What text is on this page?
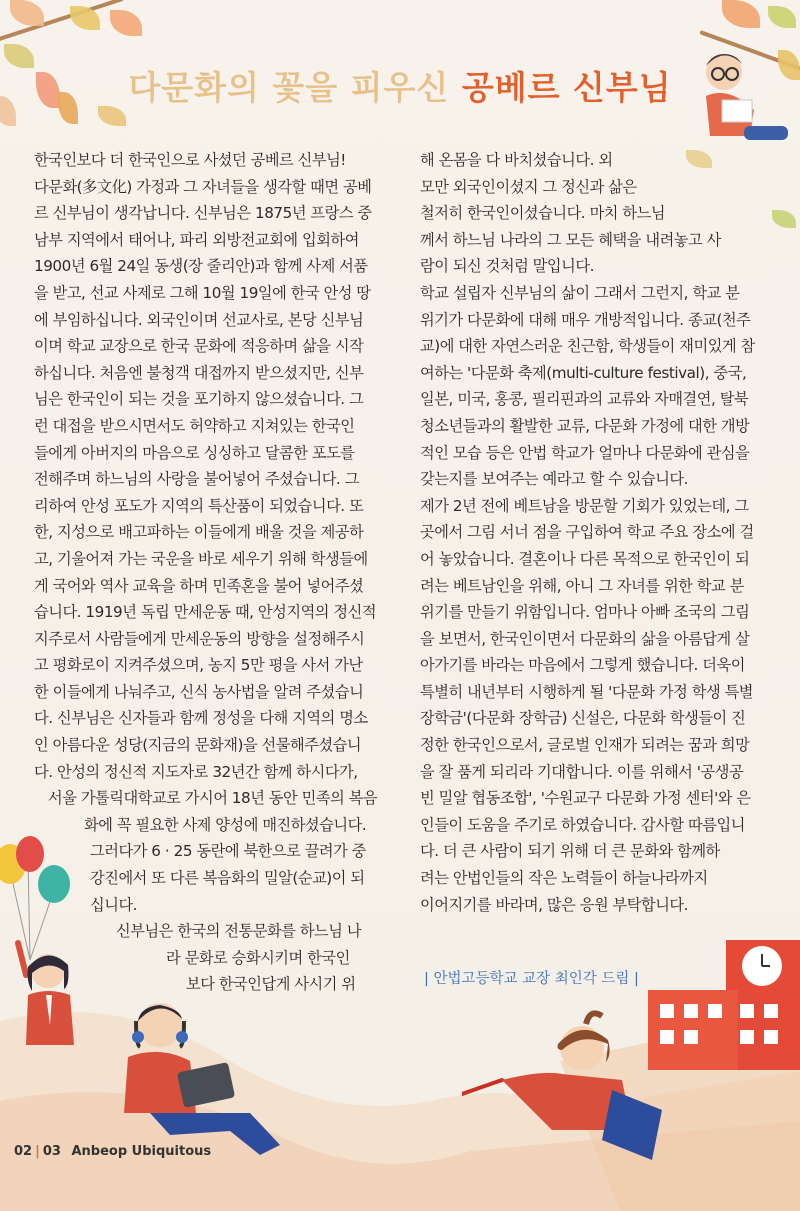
다문화의 꽃을 피우신 공베르 신부님

한국인보다 더 한국인으로 사셨던 공베르 신부님!

다문화(多文化) 가정과 그 자녀들을 생각할 때면 공베

르 신부님이 생각납니다. 신부님은 1875년 프랑스 중

남부 지역에서 태어나, 파리 외방전교회에 입회하여

1900년 6월 24일 동생(장 줄리안)과 함께 사제 서품

을 받고, 선교 사제로 그해 10월 19일에 한국 안성 땅

에 부임하십니다. 외국인이며 선교사로, 본당 신부님

이며 학교 교장으로 한국 문화에 적응하며 삶을 시작

하십니다. 처음엔 불청객 대접까지 받으셨지만, 신부

님은 한국인이 되는 것을 포기하지 않으셨습니다. 그

런 대접을 받으시면서도 허약하고 지쳐있는 한국인

들에게 아버지의 마음으로 싱싱하고 달콤한 포도를

전해주며 하느님의 사랑을 불어넣어 주셨습니다. 그

리하여 안성 포도가 지역의 특산품이 되었습니다. 또

한, 지성으로 배고파하는 이들에게 배울 것을 제공하

고, 기울어져 가는 국운을 바로 세우기 위해 학생들에

게 국어와 역사 교육을 하며 민족혼을 불어 넣어주셨

습니다. 1919년 독립 만세운동 때, 안성지역의 정신적

지주로서 사람들에게 만세운동의 방향을 설정해주시

고 평화로이 지켜주셨으며, 농지 5만 평을 사서 가난

한 이들에게 나눠주고, 신식 농사법을 알려 주셨습니

다. 신부님은 신자들과 함께 정성을 다해 지역의 명소

인 아름다운 성당(지금의 문화재)을 선물해주셨습니

다. 안성의 정신적 지도자로 32년간 함께 하시다가,

서울 가톨릭대학교로 가시어 18년 동안 민족의 복음

화에 꼭 필요한 사제 양성에 매진하셨습니다.

그러다가 6 · 25 동란에 북한으로 끌려가 중

강진에서 또 다른 복음화의 밀알(순교)이 되

십니다.

신부님은 한국의 전통문화를 하느님 나

라 문화로 승화시키며 한국인

보다 한국인답게 사시기 위

해 온몸을 다 바치셨습니다. 외

모만 외국인이셨지 그 정신과 삶은

철저히 한국인이셨습니다. 마치 하느님

께서 하느님 나라의 그 모든 혜택을 내려놓고 사

람이 되신 것처럼 말입니다.

학교 설립자 신부님의 삶이 그래서 그런지, 학교 분

위기가 다문화에 대해 매우 개방적입니다. 종교(천주

교)에 대한 자연스러운 친근함, 학생들이 재미있게 참

여하는 '다문화 축제(multi-culture festival), 중국,

일본, 미국, 홍콩, 필리핀과의 교류와 자매결연, 탈북

청소년들과의 활발한 교류, 다문화 가정에 대한 개방

적인 모습 등은 안법 학교가 얼마나 다문화에 관심을

갖는지를 보여주는 예라고 할 수 있습니다.

제가 2년 전에 베트남을 방문할 기회가 있었는데, 그

곳에서 그림 서너 점을 구입하여 학교 주요 장소에 걸

어 놓았습니다. 결혼이나 다른 목적으로 한국인이 되

려는 베트남인을 위해, 아니 그 자녀를 위한 학교 분

위기를 만들기 위함입니다. 엄마나 아빠 조국의 그림

을 보면서, 한국인이면서 다문화의 삶을 아름답게 살

아가기를 바라는 마음에서 그렇게 했습니다. 더욱이

특별히 내년부터 시행하게 될 '다문화 가정 학생 특별

장학금'(다문화 장학금) 신설은, 다문화 학생들이 진

정한 한국인으로서, 글로벌 인재가 되려는 꿈과 희망

을 잘 품게 되리라 기대합니다. 이를 위해서 '공생공

빈 밀알 협동조합', '수원교구 다문화 가정 센터'와 은

인들이 도움을 주기로 하였습니다. 감사할 따름입니

다. 더 큰 사람이 되기 위해 더 큰 문화와 함께하

려는 안법인들의 작은 노력들이 하늘나라까지

이어지기를 바라며, 많은 응원 부탁합니다.

| 안법고등학교 교장 최인각 드림 |
02 | 03 Anbeop Ubiquitous
